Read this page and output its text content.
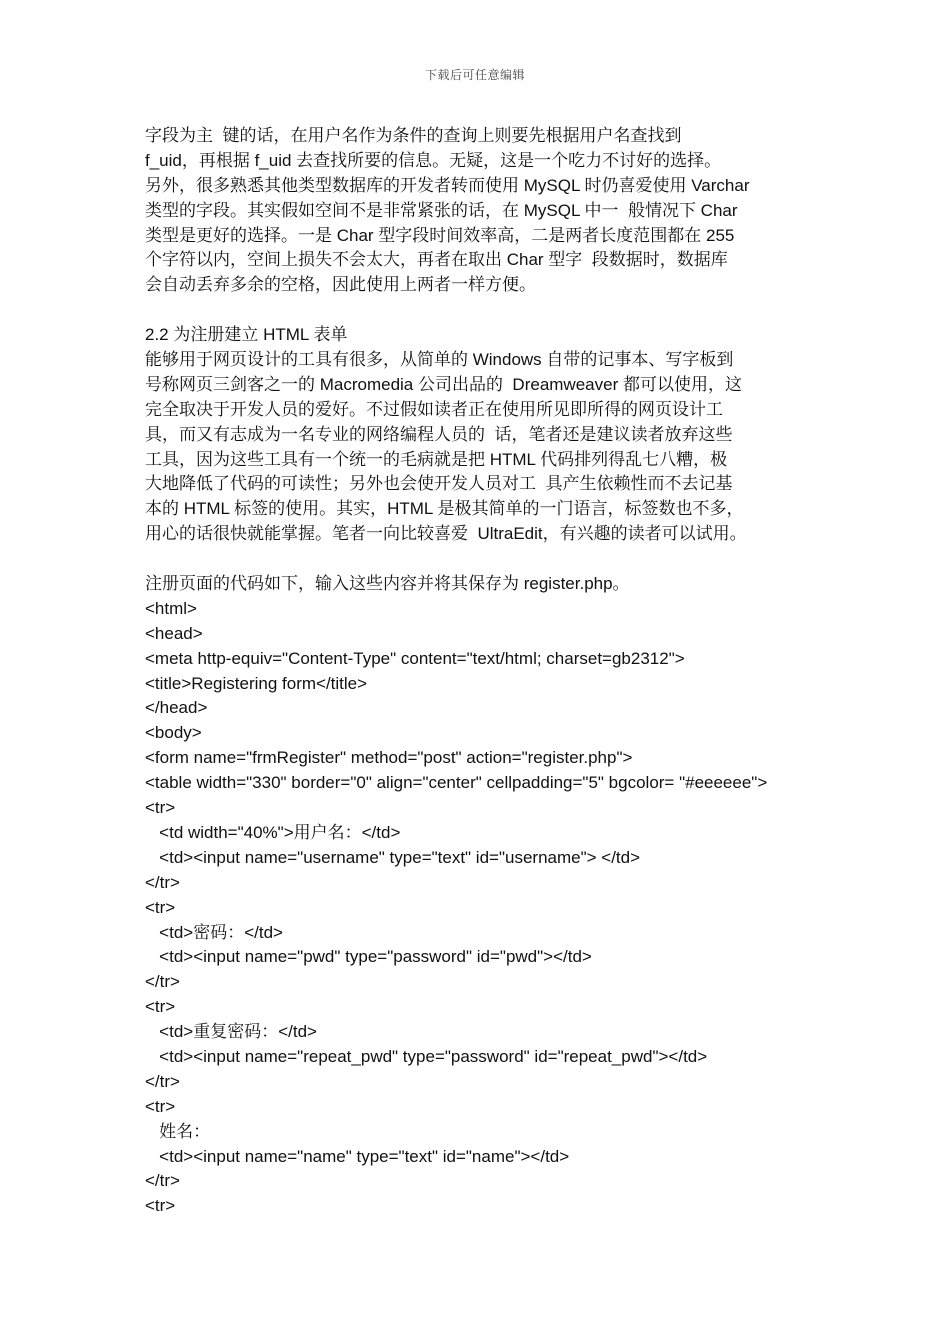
下载后可任意编辑
字段为主  键的话，在用户名作为条件的查询上则要先根据用户名查找到
f_uid，再根据 f_uid 去查找所要的信息。无疑，这是一个吃力不讨好的选择。
另外，很多熟悉其他类型数据库的开发者转而使用 MySQL 时仍喜爱使用 Varchar
类型的字段。其实假如空间不是非常紧张的话，在 MySQL 中一  般情况下 Char
类型是更好的选择。一是 Char 型字段时间效率高，二是两者长度范围都在 255
个字符以内，空间上损失不会太大，再者在取出 Char 型字  段数据时，数据库
会自动丢弃多余的空格，因此使用上两者一样方便。
2.2 为注册建立 HTML 表单
能够用于网页设计的工具有很多，从简单的 Windows 自带的记事本、写字板到
号称网页三剑客之一的 Macromedia 公司出品的  Dreamweaver 都可以使用，这
完全取决于开发人员的爱好。不过假如读者正在使用所见即所得的网页设计工
具，而又有志成为一名专业的网络编程人员的  话，笔者还是建议读者放弃这些
工具，因为这些工具有一个统一的毛病就是把 HTML 代码排列得乱七八糟，极
大地降低了代码的可读性；另外也会使开发人员对工  具产生依赖性而不去记基
本的 HTML 标签的使用。其实，HTML 是极其简单的一门语言，标签数也不多，
用心的话很快就能掌握。笔者一向比较喜爱  UltraEdit，有兴趣的读者可以试用。
注册页面的代码如下，输入这些内容并将其保存为 register.php。
<html>
<head>
<meta http-equiv="Content-Type" content="text/html; charset=gb2312">
<title>Registering form</title>
</head>
<body>
<form name="frmRegister" method="post" action="register.php">
<table width="330" border="0" align="center" cellpadding="5" bgcolor= "#eeeeee">
<tr>
<td width="40%">用户名：</td>
<td><input name="username" type="text" id="username"> </td>
</tr>
<tr>
<td>密码：</td>
<td><input name="pwd" type="password" id="pwd"></td>
</tr>
<tr>
<td>重复密码：</td>
<td><input name="repeat_pwd" type="password" id="repeat_pwd"></td>
</tr>
<tr>
姓名：
<td><input name="name" type="text" id="name"></td>
</tr>
<tr>
